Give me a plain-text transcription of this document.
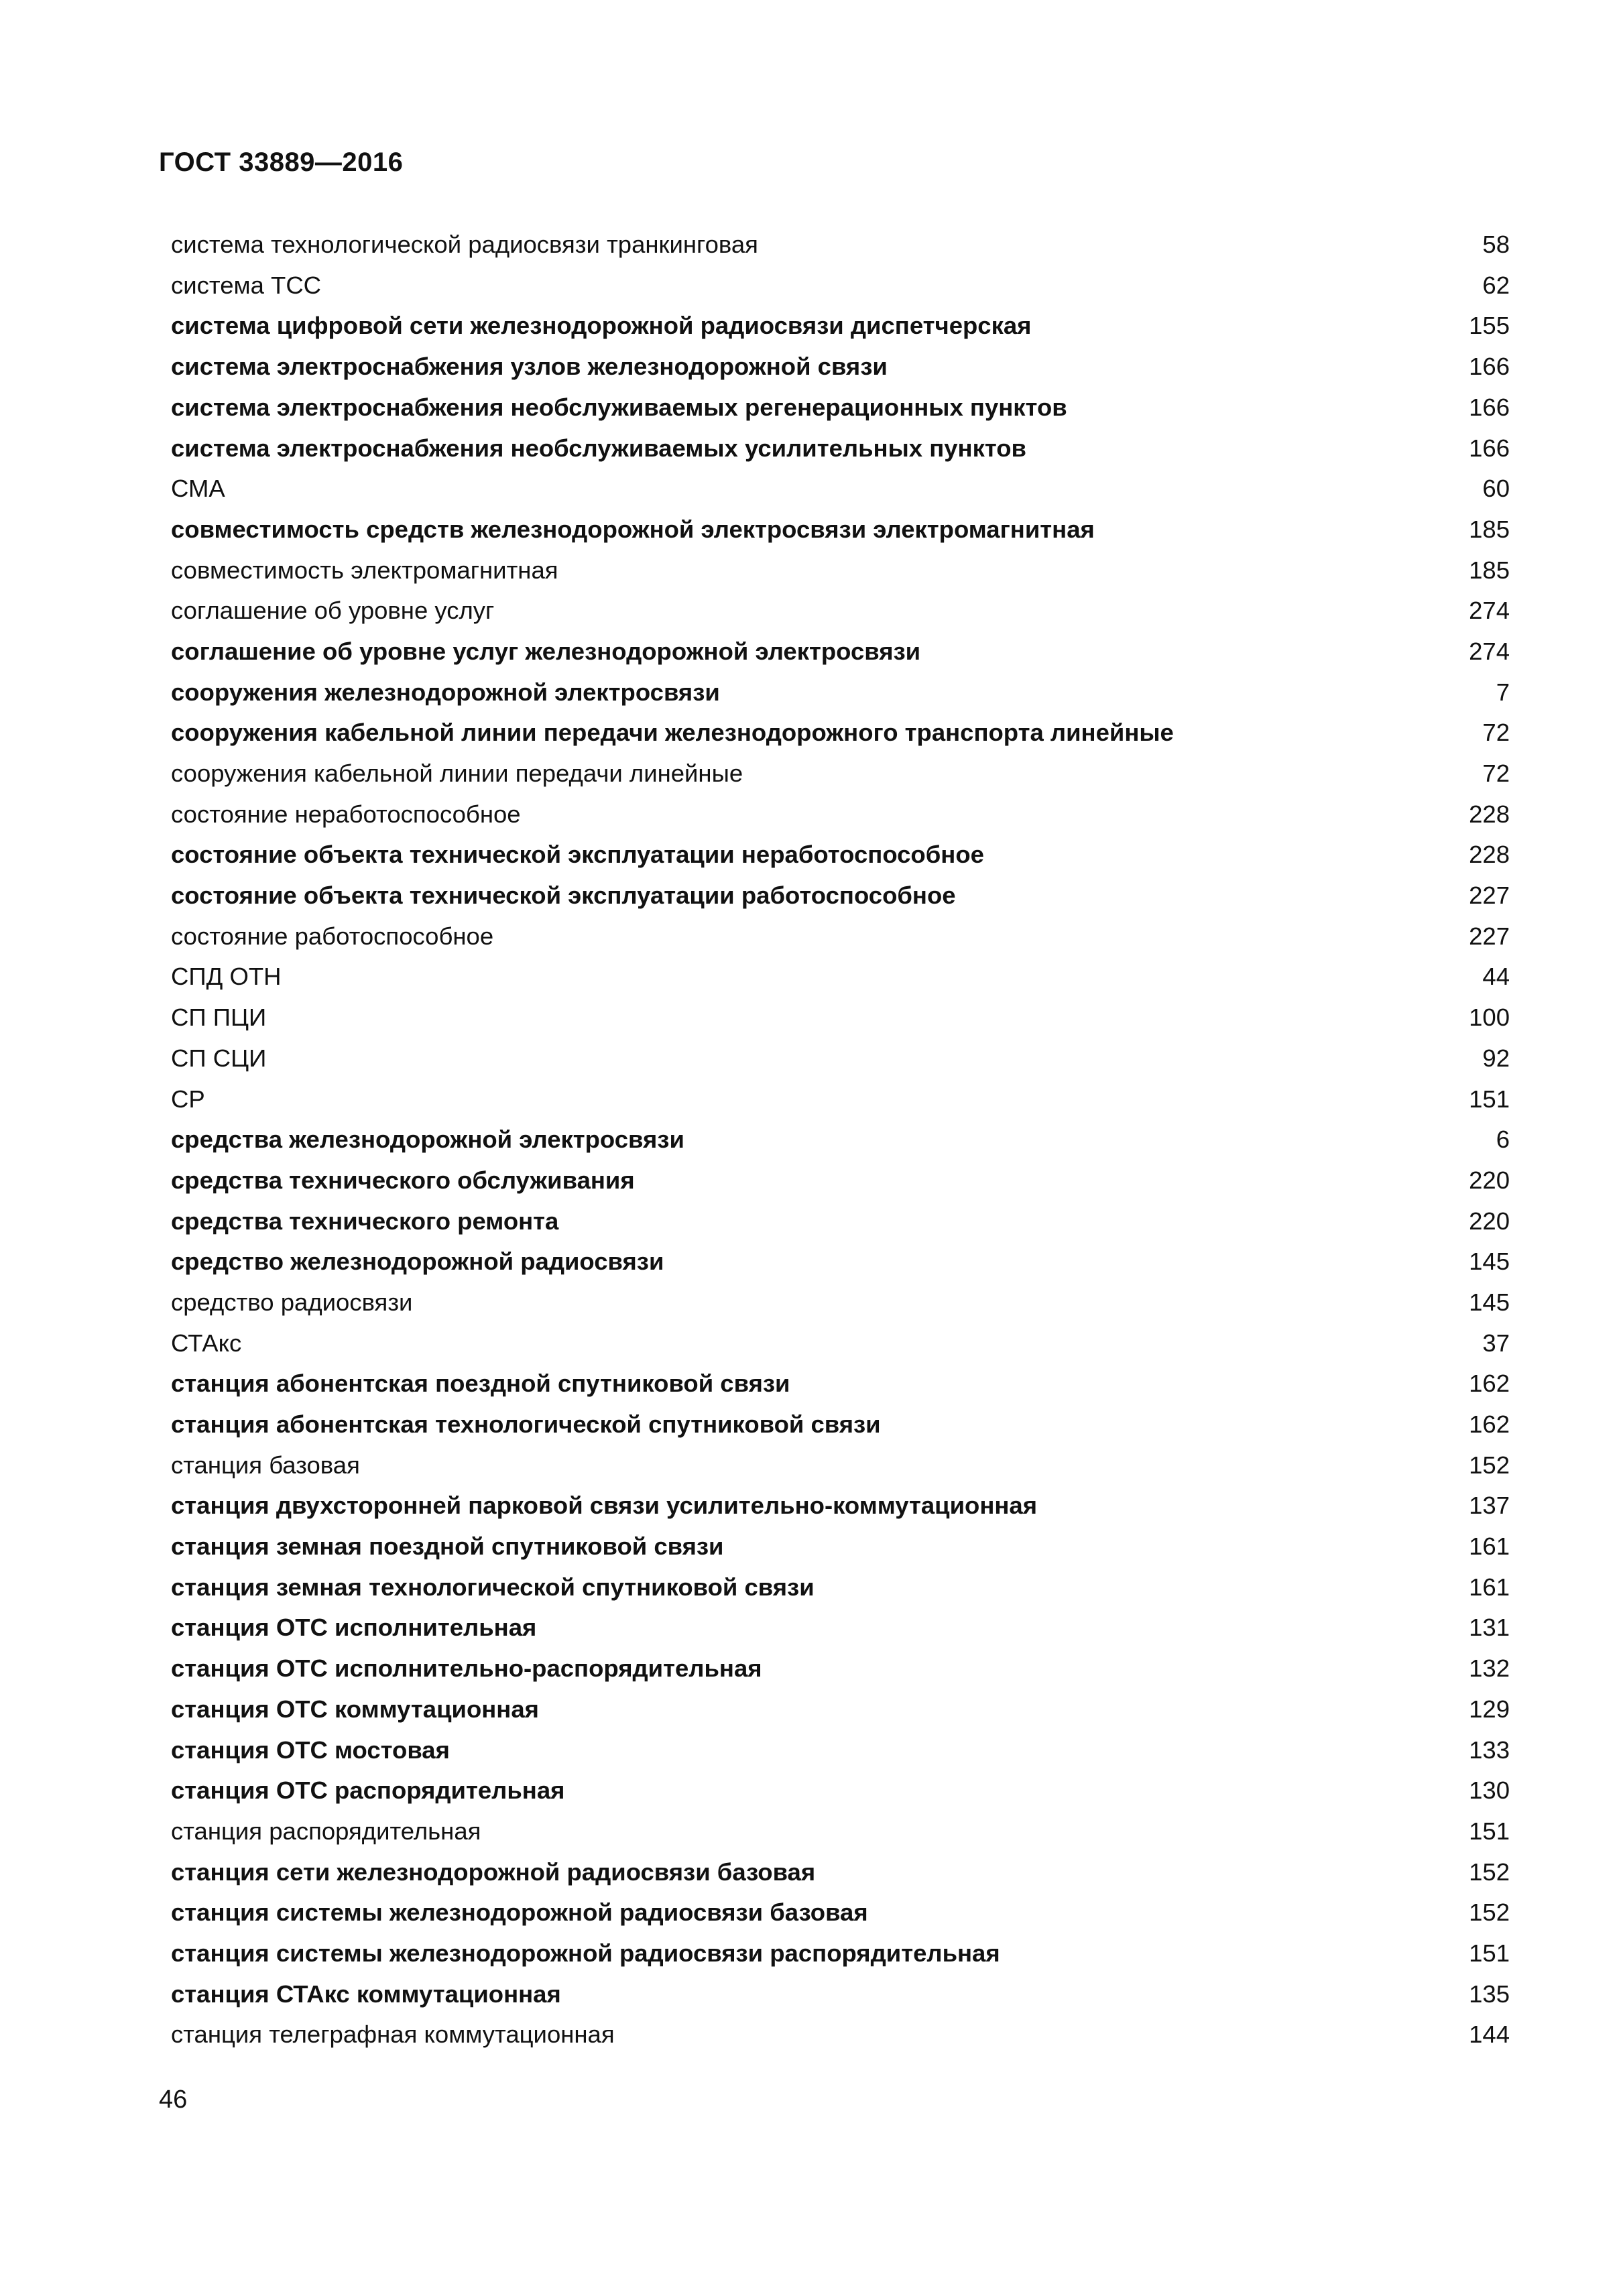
ГОСТ 33889—2016
система технологической радиосвязи транкинговая	58
система ТСС	62
система цифровой сети железнодорожной радиосвязи диспетчерская	155
система электроснабжения узлов железнодорожной связи	166
система электроснабжения необслуживаемых регенерационных пунктов	166
система электроснабжения необслуживаемых усилительных пунктов	166
СМА	60
совместимость средств железнодорожной электросвязи электромагнитная	185
совместимость электромагнитная	185
соглашение об уровне услуг	274
соглашение об уровне услуг железнодорожной электросвязи	274
сооружения железнодорожной электросвязи	7
сооружения кабельной линии передачи железнодорожного транспорта линейные	72
сооружения кабельной линии передачи линейные	72
состояние неработоспособное	228
состояние объекта технической эксплуатации неработоспособное	228
состояние объекта технической эксплуатации работоспособное	227
состояние работоспособное	227
СПД ОТН	44
СП ПЦИ	100
СП СЦИ	92
СР	151
средства железнодорожной электросвязи	6
средства технического обслуживания	220
средства технического ремонта	220
средство железнодорожной радиосвязи	145
средство радиосвязи	145
СТАкс	37
станция абонентская поездной спутниковой связи	162
станция абонентская технологической спутниковой связи	162
станция базовая	152
станция двухсторонней парковой связи усилительно-коммутационная	137
станция земная поездной спутниковой связи	161
станция земная технологической спутниковой связи	161
станция ОТС исполнительная	131
станция ОТС исполнительно-распорядительная	132
станция ОТС коммутационная	129
станция ОТС мостовая	133
станция ОТС распорядительная	130
станция распорядительная	151
станция сети железнодорожной радиосвязи базовая	152
станция системы железнодорожной радиосвязи базовая	152
станция системы железнодорожной радиосвязи распорядительная	151
станция СТАкс коммутационная	135
станция телеграфная коммутационная	144
46
